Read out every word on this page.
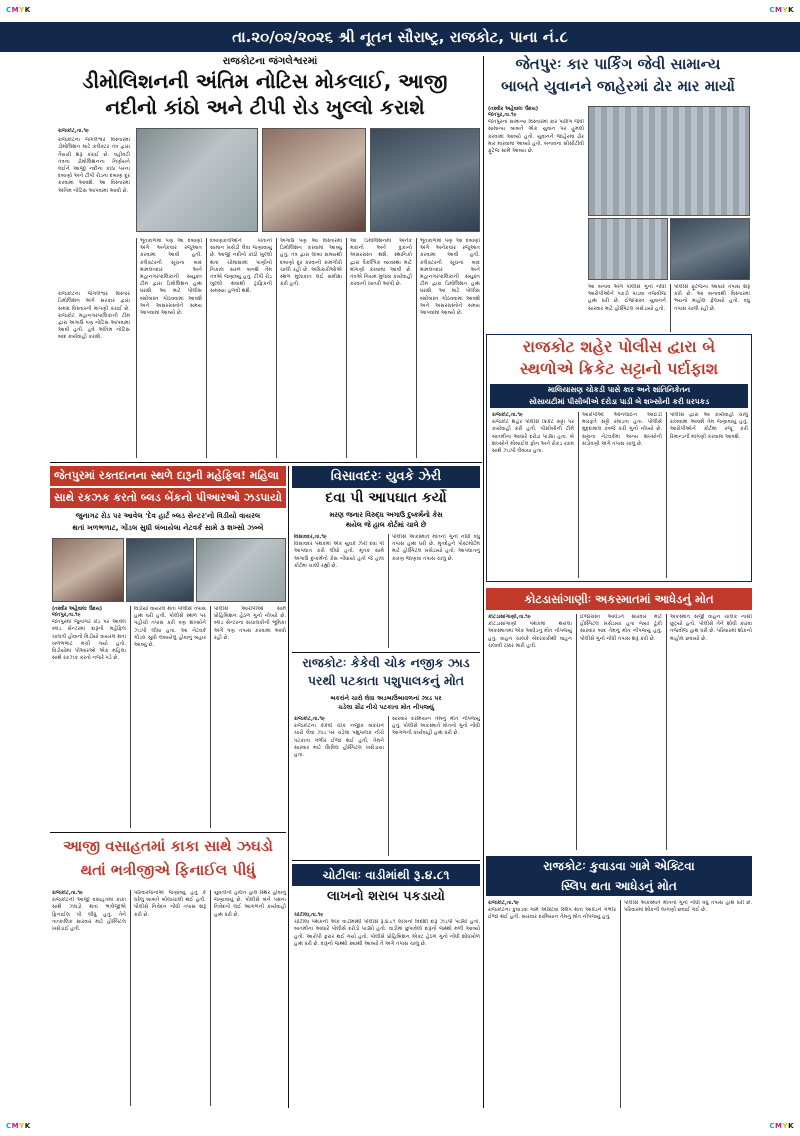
CMYK	CMYK
CMYK	CMYK
તા.૨૦/૦૨/૨૦૨૬ શ્રી નૂતન સૌરાષ્ટ્ર, રાજકોટ, પાના નં.૮
રાજકોટના જંગલેશ્વરમાં
ડીમોલિશનની અંતિમ નોટિસ મોકલાઈ, આજી
નદીનો કાંઠો અને ટીપી રોડ ખુલ્લો કરાશે
રાજકોટ,તા.૧૯
રાજકોટના જંગલેશ્વર વિસ્તારમાં ડીમોલિશન માટે કલેક્ટર તંત્ર દ્વારા તૈયારી શરૂ કરાઈ છે. વહીવટી તંત્રના ડીમોલિશનના નિર્ણયને લઈને આજી નદીના કાંઠા પરના દબાણો અને ટીપી રોડના દબાણ દૂર કરવામાં આવશે. આ વિસ્તારમાં અંતિમ નોટિસ આપવામાં આવી છે.
રાજકોટના જંગલેશ્વર વિસ્તાર ડિમોલિશન અંગે સરકાર દ્વારા સમગ્ર વિસ્તારની માપણી કરાઈ છે. રાજકોટ મહાનગરપાલિકાની ટીમ દ્વારા અગાઉ પણ નોટિસ આપવામાં આવી હતી. હવે અંતિમ નોટિસ બાદ કાર્યવાહી કરાશે.
ભૂતકાળમાં પણ આ દબાણો અંગે અનેકવાર રજૂઆત કરવામાં આવી હતી. કલેક્ટરની સૂચના બાદ મામલતદાર અને મહાનગરપાલિકાની સંયુક્ત ટીમ દ્વારા ડિમોલિશન હાથ ધરાશે. આ માટે પોલીસ બંદોબસ્ત ગોઠવવામાં આવશે અને અસરગ્રસ્તોને સમય આપવામાં આવ્યો છે.
દબાણકર્તાઓને પોતાનો સામાન ખસેડી લેવા જણાવાયું છે. આજી નદીનો કાંઠો ખુલ્લો થતાં ચોમાસામાં પાણીનો નિકાલ સરળ બનશે તેમ તંત્રએ જણાવ્યું હતું. ટીપી રોડ ખુલ્લો થવાથી ટ્રાફિકની સમસ્યા હળવી થશે.
અગાઉ પણ આ વિસ્તારમાં ડિમોલિશન કરવામાં આવ્યું હતું. તંત્ર દ્વારા લાંબા સમયથી દબાણો દૂર કરવાની કામગીરી ચાલી રહી છે. અધિકારીઓએ સ્થળ મુલાકાત લઈ સમીક્ષા કરી હતી.
આ ડિમોલિશનમાં અનેક મકાનો અને દુકાનો અસરગ્રસ્ત થશે. સ્થાનિકો દ્વારા વૈકલ્પિક વ્યવસ્થા માટે માંગણી કરવામાં આવી છે. તંત્રએ નિયમ મુજબ કાર્યવાહી કરવાની ખાતરી આપી છે.
ભૂતકાળમાં પણ આ દબાણો અંગે અનેકવાર રજૂઆત કરવામાં આવી હતી. કલેક્ટરની સૂચના બાદ મામલતદાર અને મહાનગરપાલિકાની સંયુક્ત ટીમ દ્વારા ડિમોલિશન હાથ ધરાશે. આ માટે પોલીસ બંદોબસ્ત ગોઠવવામાં આવશે અને અસરગ્રસ્તોને સમય આપવામાં આવ્યો છે.
જેતપુરઃ કાર પાર્કિંગ જેવી સામાન્ય
બાબતે યુવાનને જાહેરમાં ઢોર માર માર્યો
(તસ્વીર અહેવાલઃ ઉદય)
જેતપુર,તા.૧૯
જેતપુરના સામાન્ય વિસ્તારમાં કાર પાર્કિંગ જેવી સામાન્ય બાબતે એક યુવાન પર હુમલો કરવામાં આવ્યો હતો. યુવાનને જાહેરમાં ઢોર માર મારવામાં આવ્યો હતો. બનાવના સીસીટીવી ફૂટેજ સામે આવ્યા છે.
આ બનાવ અંગે પોલીસે ગુનો નોંધી આરોપીઓને પકડી પાડવા તજવીજ હાથ ધરી છે. ઈજાગ્રસ્ત યુવાનને સારવાર માટે હોસ્પિટલ ખસેડાયો હતો.
પોલીસે ફૂટેજના આધારે તપાસ શરૂ કરી છે. આ બનાવથી વિસ્તારમાં ભયનો માહોલ ફેલાયો હતો. વધુ તપાસ ચાલી રહી છે.
રાજકોટ શહેર પોલીસ દ્વારા બે
સ્થળોએ ક્રિકેટ સટ્ટાનો પર્દાફાશ
માલિયાસણ ચોકડી પાસે કાર અને શાંતિનિકેતન
સોસાયટીમાં પીસીબીએ દરોડા પાડી બે શખ્સોની કરી ધરપકડ
રાજકોટ,તા.૧૯
રાજકોટ શહેર પોલીસે ક્રિકેટ સટ્ટા પર કાર્યવાહી કરી હતી. પીસીબીની ટીમે બાતમીના આધારે દરોડા પાડ્યા હતા. બે શખ્સોને મોબાઈલ ફોન અને રોકડ રકમ સાથે ઝડપી લેવાયા હતા.
આરોપીઓ ઓનલાઈન આઈડી મારફતે સટ્ટો રમાડતા હતા. પોલીસે મુદ્દામાલ કબ્જે કરી ગુનો નોંધ્યો છે. સટ્ટાના નેટવર્કમાં અન્ય શખ્સોની સંડોવણી અંગે તપાસ ચાલુ છે.
પોલીસ દ્વારા આ કાર્યવાહી ચાલુ રાખવામાં આવશે તેમ જણાવાયું હતું. આરોપીઓને કોર્ટમાં રજૂ કરી રિમાન્ડની માંગણી કરવામાં આવશે.
જેતપુરમાં રક્તદાનના સ્થળે દારૂની મહેફિલ! મહિલા
સાથે રકઝક કરતો બ્લડ બેંકનો પીઆરઓ ઝડપાયો
જુનાગઢ રોડ પર આવેલ 'દેવ હાર્ટ બ્લડ સેન્ટર'નો વિડીયો વાયરલ
થતાં ખળભળાટ, ગોંડલ સુધી લંબાયેલા નેટવર્ક સામે ૩ શખ્સો ઝબ્બે
(તસ્વીર અહેવાલઃ ઉદય)
જેતપુર,તા.૧૯
જેતપુરમાં જુનાગઢ રોડ પર આવેલ બ્લડ સેન્ટરમાં દારૂની મહેફિલ ચાલતી હોવાનો વિડીયો વાયરલ થતાં ખળભળાટ મચી ગયો હતો. વિડીયોમાં પીઆરઓ એક મહિલા સાથે રકઝક કરતો નજરે પડે છે.
વિડીયો વાયરલ થતાં પોલીસે તપાસ હાથ ધરી હતી. પોલીસે સ્થળ પર પહોંચી તપાસ કરી ત્રણ શખ્સોને ઝડપી લીધા હતા. આ નેટવર્ક ગોંડલ સુધી લંબાયેલું હોવાનું બહાર આવ્યું છે.
પોલીસે આરોપીઓ સામે પ્રોહિબિશન હેઠળ ગુનો નોંધ્યો છે. બ્લડ સેન્ટરના સંચાલકોની ભૂમિકા અંગે પણ તપાસ કરવામાં આવી રહી છે.
વિસાવદરઃ યુવકે ઝેરી
દવા પી આપઘાત કર્યો
મરણ જનાર વિરુદ્ધ અગાઉ દુષ્કર્મનો કેસ
થયેલ જે હાલ કોર્ટમાં ચાલે છે
વિસાવદર,તા.૧૯
વિસાવદર પંથકમાં એક યુવકે ઝેરી દવા પી આપઘાત કરી લીધો હતો. મૃતક સામે અગાઉ દુષ્કર્મનો કેસ નોંધાયો હતો જે હાલ કોર્ટમાં ચાલી રહ્યો છે.
પોલીસે અકસ્માતે મોતનો ગુનો નોંધી વધુ તપાસ હાથ ધરી છે. મૃતદેહને પોસ્ટમોર્ટમ માટે હોસ્પિટલ ખસેડાયો હતો. આપઘાતનું કારણ જાણવા તપાસ ચાલુ છે.
રાજકોટઃ કેકેવી ચોક નજીક ઝાડ
પરથી પટકાતા પશુપાલકનું મોત
બકરાંને ચારો લેવા અડબાઉબાવળનાં ઝાડ પર
ચડેલા ગ્રૌઢ નીચે પટકાતા મોત નીપજ્યું
રાજકોટ,તા.૧૯
રાજકોટના કેકેવી ચોક નજીક બકરાંને ચારો લેવા ઝાડ પર ચડેલા પશુપાલક નીચે પટકાતા ગંભીર ઈજા થઈ હતી. તેમને સારવાર માટે સિવિલ હોસ્પિટલ ખસેડાયા હતા.
સારવાર દરમિયાન તેમનું મોત નીપજ્યું હતું. પોલીસે અકસ્માતે મોતનો ગુનો નોંધી આગળની કાર્યવાહી હાથ ધરી છે.
કોટડાસાંગાણીઃ અકસ્માતમાં આધેડનું મોત
કોટડાસાંગાણી,તા.૧૯
કોટડાસાંગાણી પંથકમાં થયેલા અકસ્માતમાં એક આધેડનું મોત નીપજ્યું હતું. વાહન ચાલકે બેદરકારીથી વાહન ચલાવી ટક્કર મારી હતી.
ઈજાગ્રસ્ત આધેડને સારવાર માટે હોસ્પિટલ ખસેડાયા હતા જ્યાં ટૂંકી સારવાર બાદ તેમનું મોત નીપજ્યું હતું. પોલીસે ગુનો નોંધી તપાસ શરૂ કરી છે.
અકસ્માત સર્જી વાહન ચાલક નાસી છૂટ્યો હતો. પોલીસે તેને શોધી કાઢવા તજવીજ હાથ ધરી છે. પરિવારમાં શોકનો માહોલ છવાયો છે.
આજી વસાહતમાં કાકા સાથે ઝઘડો
થતાં ભત્રીજીએ ફિનાઈલ પીધું
રાજકોટ,તા.૧૯
રાજકોટની આજી વસાહતમાં કાકા સાથે ઝઘડો થતાં ભત્રીજીએ ફિનાઈલ પી લીધું હતું. તેને તાત્કાલિક સારવાર માટે હોસ્પિટલ ખસેડાઈ હતી.
પરિવારજનોએ જણાવ્યું હતું કે ઘરેલુ બાબતે બોલાચાલી થઈ હતી. પોલીસે નિવેદન નોંધી તપાસ શરૂ કરી છે.
યુવતીની હાલત હાલ સ્થિર હોવાનું જણાવાયું છે. પોલીસે બંને પક્ષના નિવેદનો લઈ આગળની કાર્યવાહી હાથ ધરી છે.
ચોટીલાઃ વાડીમાંથી રૂ.૪.૮૧
લાખનો શરાબ પકડાયો
ચોટીલા,તા.૧૯
ચોટીલા પંથકની એક વાડીમાંથી પોલીસે રૂ.૪.૮૧ લાખનો વિદેશી દારૂ ઝડપી પાડ્યો હતો. બાતમીના આધારે પોલીસે દરોડો પાડ્યો હતો. વાડીમાં છુપાવેલો દારૂનો જથ્થો મળી આવ્યો હતો. આરોપી ફરાર થઈ ગયો હતો. પોલીસે પ્રોહિબિશન એક્ટ હેઠળ ગુનો નોંધી શોધખોળ હાથ ધરી છે. દારૂનો જથ્થો ક્યાંથી આવ્યો તે અંગે તપાસ ચાલુ છે.
રાજકોટઃ કુવાડવા ગામે એક્ટિવા
સ્લિપ થતા આધેડનું મોત
રાજકોટ,તા.૧૯
રાજકોટના કુવાડવા ગામે એક્ટિવા સ્લિપ થતાં આધેડને ગંભીર ઈજા થઈ હતી. સારવાર દરમિયાન તેમનું મોત નીપજ્યું હતું.
પોલીસે અકસ્માતે મોતનો ગુનો નોંધી વધુ તપાસ હાથ ધરી છે. પરિવારમાં શોકની લાગણી છવાઈ ગઈ છે.
